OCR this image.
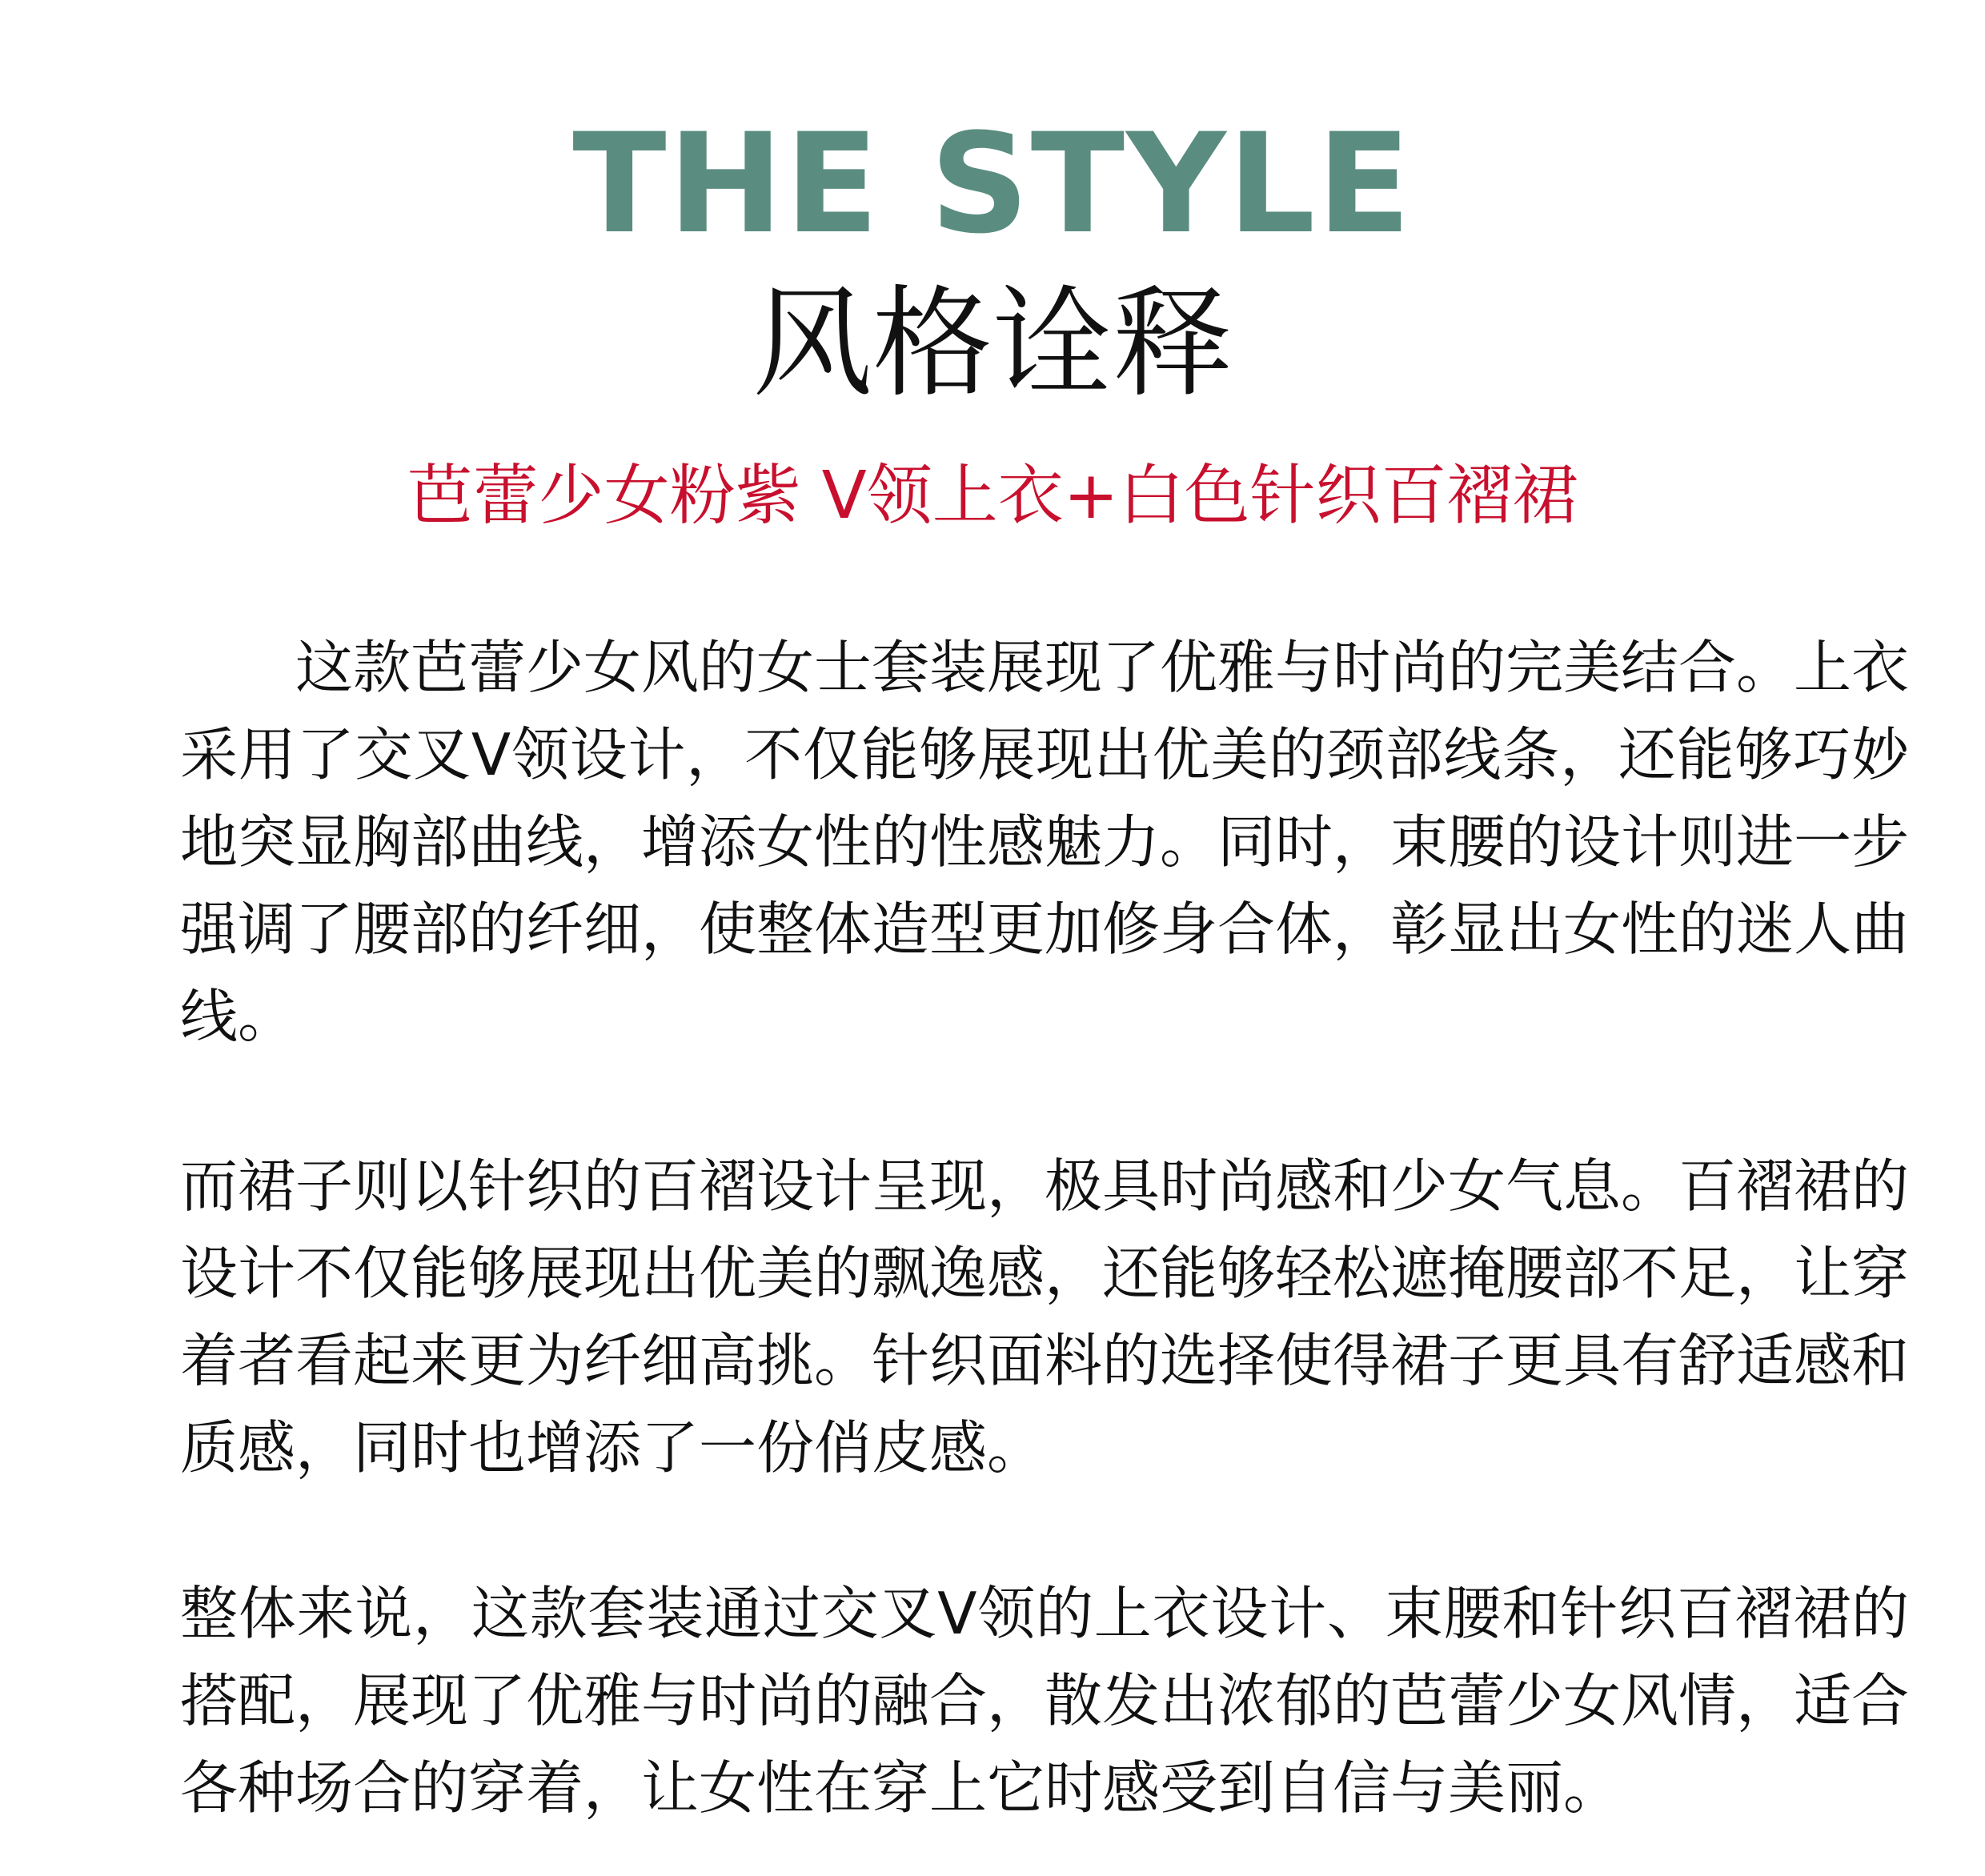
THE STYLE
风格诠释
芭蕾少女粉紫 V领上衣+白色针织百褶裙

这款芭蕾少女风的女士套装展现了优雅与时尚的完美结合。上衣采用了交叉V领设计，不仅能够展现出优美的颈部线条，还能够巧妙地突显胸部曲线，增添女性的性感魅力。同时，束腰的设计则进一步强调了腰部的纤细，使整体造型更加修身合体，彰显出女性的迷人曲线。

而裙子则以针织的百褶设计呈现，极具时尚感和少女气息。百褶裙的设计不仅能够展现出优美的飘逸感，还能够轻松遮掩腰部不足，让穿着者看起来更为纤细高挑。针织面料的选择使得裙子更具有舒适感和质感，同时也增添了一份俏皮感。

整体来说，这款套装通过交叉V领的上衣设计、束腰和针织百褶裙的搭配，展现了优雅与时尚的融合，散发出浓郁的芭蕾少女风情，适合各种场合的穿着，让女性在穿上它时感受到自信与美丽。
